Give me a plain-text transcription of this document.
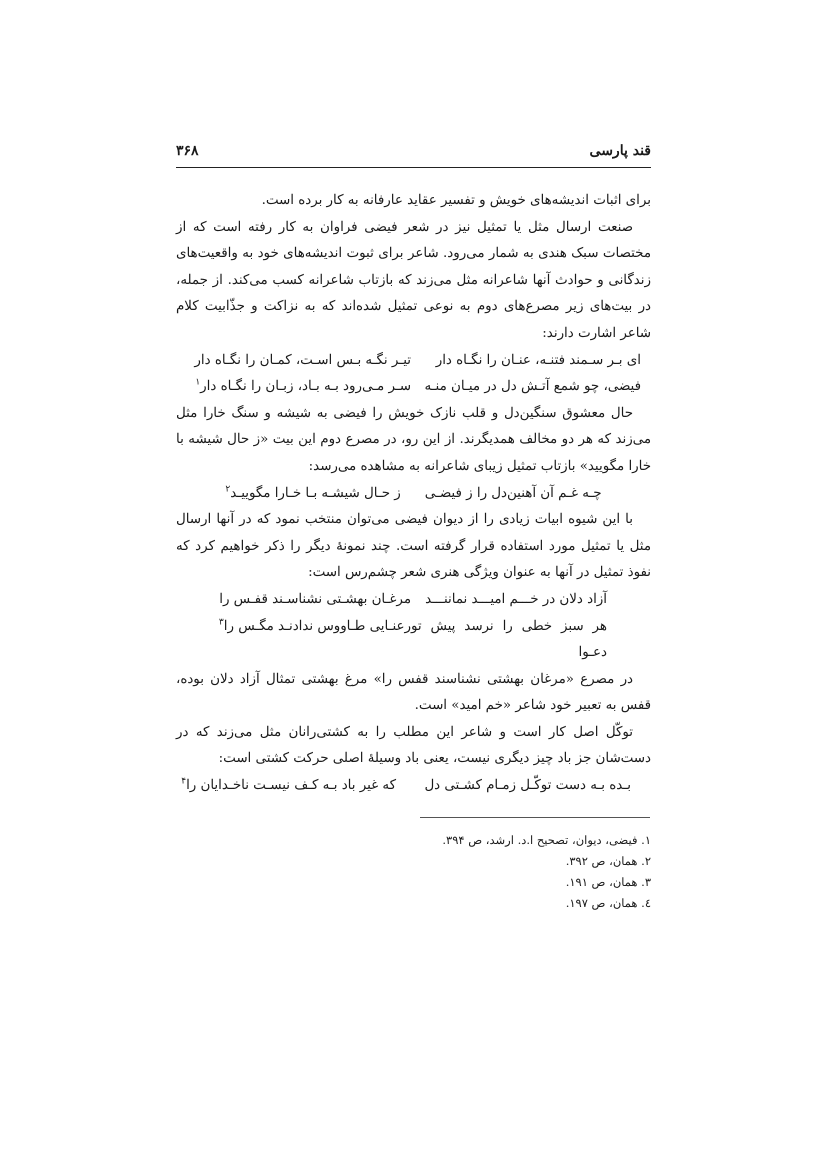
قند پارسی
۳۶۸

برای اثبات اندیشه‌های خویش و تفسیر عقاید عارفانه به کار برده است.

صنعت ارسال مثل یا تمثیل نیز در شعر فیضی فراوان به کار رفته است که از مختصات سبک هندی به شمار می‌رود. شاعر برای ثبوت اندیشه‌های خود به واقعیت‌های زندگانی و حوادث آنها شاعرانه مثل می‌زند که بازتاب شاعرانه کسب می‌کند. از جمله، در بیت‌های زیر مصرع‌های دوم به نوعی تمثیل شده‌اند که به نزاکت و جذّابیت کلام شاعر اشارت دارند:

ای بـر سـمند فتنـه، عنـان را نگـاه دار
تیـر نگـه بـس اسـت، کمـان را نگـاه دار
فیضی، چو شمع آتـش دل در میـان منـه
سـر مـی‌رود بـه بـاد، زبـان را نگـاه دار$^۱$

حال معشوق سنگین‌دل و قلب نازک خویش را فیضی به شیشه و سنگ خارا مثل می‌زند که هر دو مخالف همدیگرند. از این رو، در مصرع دوم این بیت «ز حال شیشه با خارا مگویید» بازتاب تمثیل زیبای شاعرانه به مشاهده می‌رسد:

چـه غـم آن آهنین‌دل را ز فیضـی
ز حـال شیشـه بـا خـارا مگوییـد$^۲$

با این شیوه ابیات زیادی را از دیوان فیضی می‌توان منتخب نمود که در آنها ارسال مثل یا تمثیل مورد استفاده قرار گرفته است. چند نمونهٔ دیگر را ذکر خواهیم کرد که نفوذ تمثیل در آنها به عنوان ویژگی هنری شعر چشم‌رس است:

آزاد دلان در خـــم امیـــد نماننـــد
مرغـان بهشـتی نشناسـند قفـس را
هر سبز خطی را نرسد پیش تو دعـوا
رعنـایی طـاووس ندادنـد مگـس را$^۳$

در مصرع «مرغان بهشتی نشناسند قفس را» مرغ بهشتی تمثال آزاد دلان بوده، قفس به تعبیر خود شاعر «خم امید» است.

توکّل اصل کار است و شاعر این مطلب را به کشتی‌رانان مثل می‌زند که در دست‌شان جز باد چیز دیگری نیست، یعنی باد وسیلهٔ اصلی حرکت کشتی است:

بـده بـه دست توکّـل زمـام کشـتی دل
که غیر باد بـه کـف نیسـت ناخـدایان را$^۴$
۱. فیضی، دیوان، تصحیح ا.د. ارشد، ص ۳۹۴.
۲. همان، ص ۳۹۲.
۳. همان، ص ۱۹۱.
٤. همان، ص ۱۹۷.
